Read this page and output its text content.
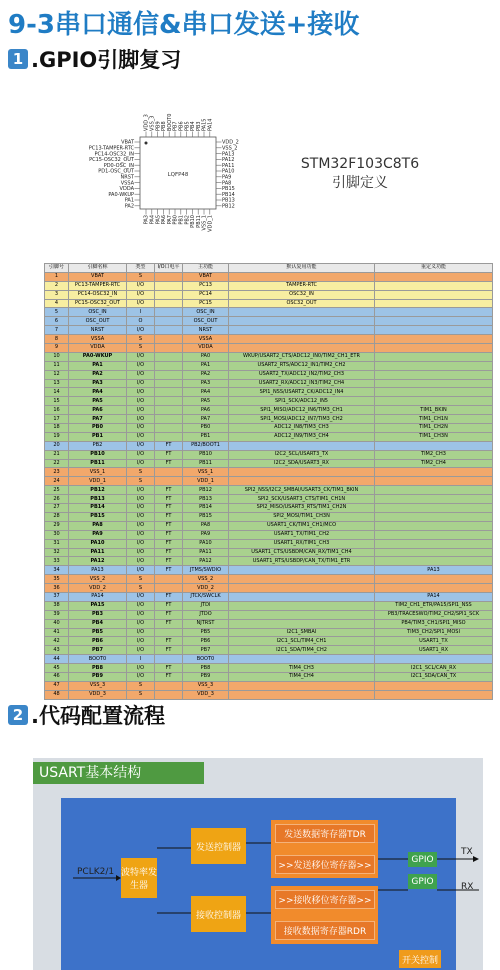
9-3串口通信&串口发送+接收
1 .GPIO引脚复习
LQFP48
VBAT
PC13-TAMPER-RTC
PC14-OSC32_IN
PC15-OSC32_OUT
PD0-OSC_IN
PD1-OSC_OUT
NRST
VSSA
VDDA
PA0-WKUP
PA1
PA2
VDD_2
VSS_2
PA13
PA12
PA11
PA10
PA9
PA8
PB15
PB14
PB13
PB12
VDD_3 VSS_3 PB9 PB8 BOOT0 PB7 PB6 PB5 PB4 PB3 PA15 PA14
PA3 PA4 PA5 PA6 PA7 PB0 PB1 PB2 PB10 PB11 VSS_1 VDD_1
STM32F103C8T6
引脚定义
引脚号	引脚名称	类型	I/O口电平	主功能	默认复用功能	重定义功能
1	VBAT	S		VBAT		
2	PC13-TAMPER-RTC	I/O		PC13	TAMPER-RTC	
3	PC14-OSC32_IN	I/O		PC14	OSC32_IN	
4	PC15-OSC32_OUT	I/O		PC15	OSC32_OUT	
5	OSC_IN	I		OSC_IN		
6	OSC_OUT	O		OSC_OUT		
7	NRST	I/O		NRST		
8	VSSA	S		VSSA		
9	VDDA	S		VDDA		
10	PA0-WKUP	I/O		PA0	WKUP/USART2_CTS/ADC12_IN0/TIM2_CH1_ETR	
11	PA1	I/O		PA1	USART2_RTS/ADC12_IN1/TIM2_CH2	
12	PA2	I/O		PA2	USART2_TX/ADC12_IN2/TIM2_CH3	
13	PA3	I/O		PA3	USART2_RX/ADC12_IN3/TIM2_CH4	
14	PA4	I/O		PA4	SPI1_NSS/USART2_CK/ADC12_IN4	
15	PA5	I/O		PA5	SPI1_SCK/ADC12_IN5	
16	PA6	I/O		PA6	SPI1_MISO/ADC12_IN6/TIM3_CH1	TIM1_BKIN
17	PA7	I/O		PA7	SPI1_MOSI/ADC12_IN7/TIM3_CH2	TIM1_CH1N
18	PB0	I/O		PB0	ADC12_IN8/TIM3_CH3	TIM1_CH2N
19	PB1	I/O		PB1	ADC12_IN9/TIM3_CH4	TIM1_CH3N
20	PB2	I/O	FT	PB2/BOOT1		
21	PB10	I/O	FT	PB10	I2C2_SCL/USART3_TX	TIM2_CH3
22	PB11	I/O	FT	PB11	I2C2_SDA/USART3_RX	TIM2_CH4
23	VSS_1	S		VSS_1		
24	VDD_1	S		VDD_1		
25	PB12	I/O	FT	PB12	SPI2_NSS/I2C2_SMBAI/USART3_CK/TIM1_BKIN	
26	PB13	I/O	FT	PB13	SPI2_SCK/USART3_CTS/TIM1_CH1N	
27	PB14	I/O	FT	PB14	SPI2_MISO/USART3_RTS/TIM1_CH2N	
28	PB15	I/O	FT	PB15	SPI2_MOSI/TIM1_CH3N	
29	PA8	I/O	FT	PA8	USART1_CK/TIM1_CH1/MCO	
30	PA9	I/O	FT	PA9	USART1_TX/TIM1_CH2	
31	PA10	I/O	FT	PA10	USART1_RX/TIM1_CH3	
32	PA11	I/O	FT	PA11	USART1_CTS/USBDM/CAN_RX/TIM1_CH4	
33	PA12	I/O	FT	PA12	USART1_RTS/USBDP/CAN_TX/TIM1_ETR	
34	PA13	I/O	FT	JTMS/SWDIO		PA13
35	VSS_2	S		VSS_2		
36	VDD_2	S		VDD_2		
37	PA14	I/O	FT	JTCK/SWCLK		PA14
38	PA15	I/O	FT	JTDI		TIM2_CH1_ETR/PA15/SPI1_NSS
39	PB3	I/O	FT	JTDO		PB3/TRACESWO/TIM2_CH2/SPI1_SCK
40	PB4	I/O	FT	NJTRST		PB4/TIM3_CH1/SPI1_MISO
41	PB5	I/O		PB5	I2C1_SMBAI	TIM3_CH2/SPI1_MOSI
42	PB6	I/O	FT	PB6	I2C1_SCL/TIM4_CH1	USART1_TX
43	PB7	I/O	FT	PB7	I2C1_SDA/TIM4_CH2	USART1_RX
44	BOOT0	I		BOOT0		
45	PB8	I/O	FT	PB8	TIM4_CH3	I2C1_SCL/CAN_RX
46	PB9	I/O	FT	PB9	TIM4_CH4	I2C1_SDA/CAN_TX
47	VSS_3	S		VSS_3		
48	VDD_3	S		VDD_3		
2 .代码配置流程
USART基本结构
PCLK2/1 波特率发生器
发送控制器
接收控制器
发送数据寄存器TDR
>>发送移位寄存器>>
>>接收移位寄存器>>
接收数据寄存器RDR
GPIO
GPIO
TX
RX
开关控制
